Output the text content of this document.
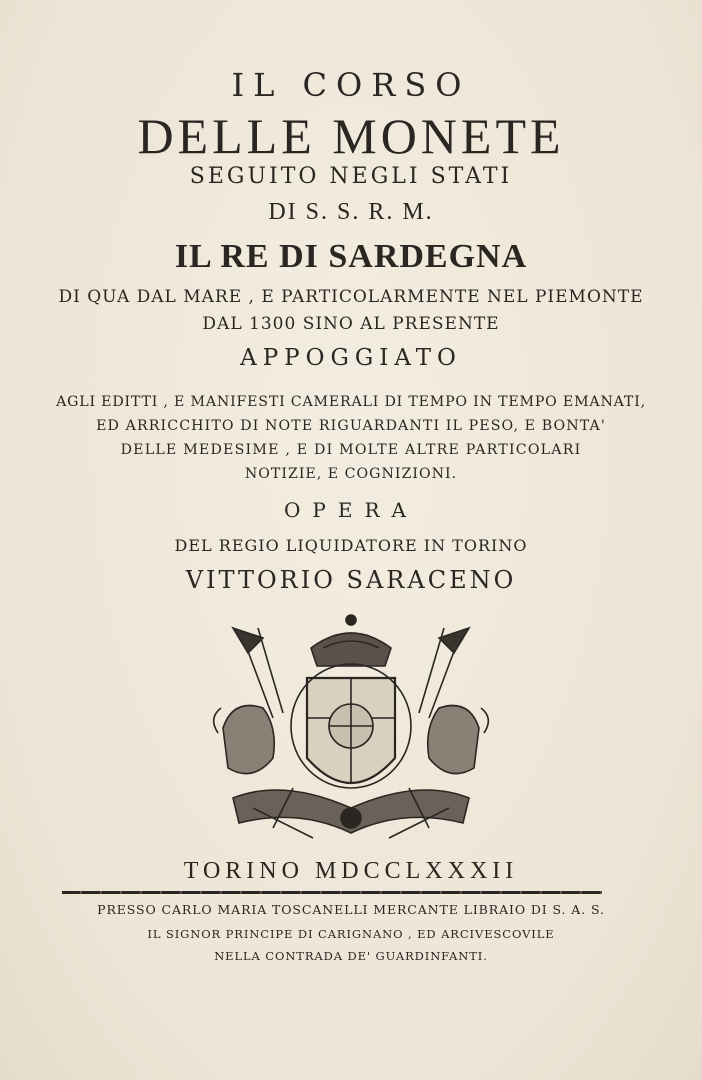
IL CORSO
DELLE MONETE
SEGUITO NEGLI STATI
DI S. S. R. M.
IL RE DI SARDEGNA
DI QUA DAL MARE , E PARTICOLARMENTE NEL PIEMONTE
DAL 1300 SINO AL PRESENTE
APPOGGIATO
AGLI EDITTI , E MANIFESTI CAMERALI DI TEMPO IN TEMPO EMANATI,
ED ARRICCHITO DI NOTE RIGUARDANTI IL PESO, E BONTA'
DELLE MEDESIME , E DI MOLTE ALTRE PARTICOLARI
NOTIZIE, E COGNIZIONI.
OPERA
DEL REGIO LIQUIDATORE IN TORINO
VITTORIO SARACENO
TORINO MDCCLXXXII
PRESSO CARLO MARIA TOSCANELLI MERCANTE LIBRAIO DI S. A. S.
IL SIGNOR PRINCIPE DI CARIGNANO , ED ARCIVESCOVILE
NELLA CONTRADA DE' GUARDINFANTI.
